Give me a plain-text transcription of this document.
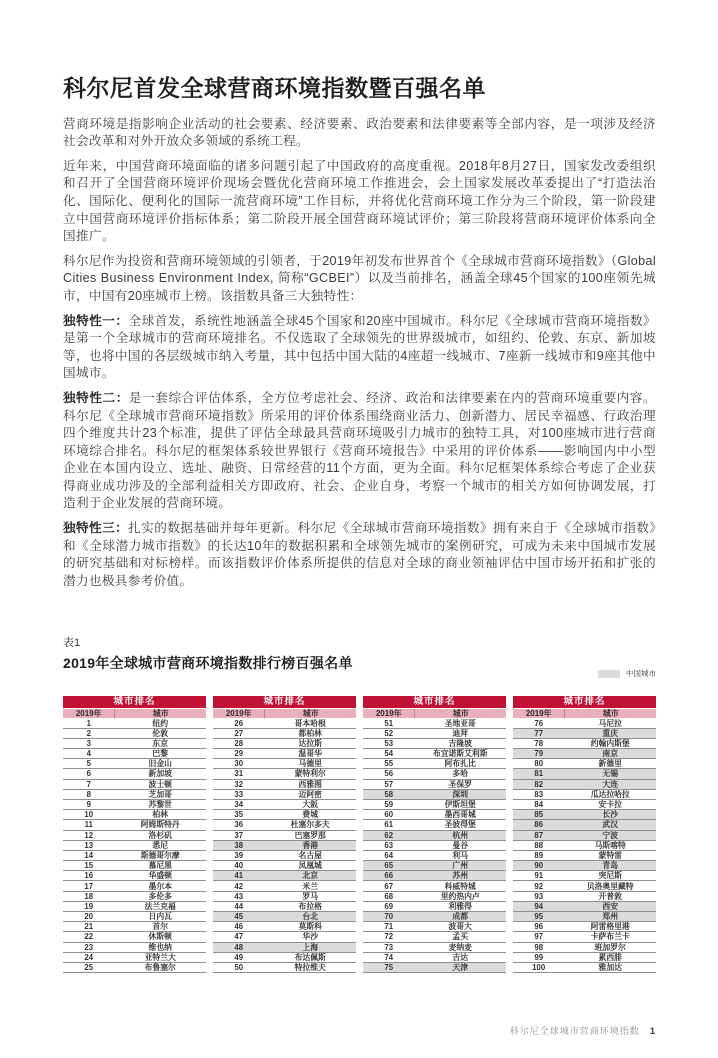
科尔尼首发全球营商环境指数暨百强名单

营商环境是指影响企业活动的社会要素、经济要素、政治要素和法律要素等全部内容，是一项涉及经济社会改革和对外开放众多领域的系统工程。

近年来，中国营商环境面临的诸多问题引起了中国政府的高度重视。2018年8月27日，国家发改委组织和召开了全国营商环境评价现场会暨优化营商环境工作推进会，会上国家发展改革委提出了“打造法治化、国际化、便利化的国际一流营商环境”工作目标，并将优化营商环境工作分为三个阶段，第一阶段建立中国营商环境评价指标体系；第二阶段开展全国营商环境试评价；第三阶段将营商环境评价体系向全国推广。

科尔尼作为投资和营商环境领域的引领者，于2019年初发布世界首个《全球城市营商环境指数》（Global Cities Business Environment Index, 简称“GCBEI”）以及当前排名，涵盖全球45个国家的100座领先城市，中国有20座城市上榜。该指数具备三大独特性：

独特性一：全球首发，系统性地涵盖全球45个国家和20座中国城市。科尔尼《全球城市营商环境指数》是第一个全球城市的营商环境排名。不仅选取了全球领先的世界级城市，如纽约、伦敦、东京、新加坡等，也将中国的各层级城市纳入考量，其中包括中国大陆的4座超一线城市、7座新一线城市和9座其他中国城市。

独特性二：是一套综合评估体系，全方位考虑社会、经济、政治和法律要素在内的营商环境重要内容。科尔尼《全球城市营商环境指数》所采用的评价体系围绕商业活力、创新潜力、居民幸福感、行政治理四个维度共计23个标准，提供了评估全球最具营商环境吸引力城市的独特工具，对100座城市进行营商环境综合排名。科尔尼的框架体系较世界银行《营商环境报告》中采用的评价体系——影响国内中小型企业在本国内设立、选址、融资、日常经营的11个方面，更为全面。科尔尼框架体系综合考虑了企业获得商业成功涉及的全部利益相关方即政府、社会、企业自身，考察一个城市的相关方如何协调发展，打造利于企业发展的营商环境。

独特性三：扎实的数据基础并每年更新。科尔尼《全球城市营商环境指数》拥有来自于《全球城市指数》和《全球潜力城市指数》的长达10年的数据积累和全球领先城市的案例研究，可成为未来中国城市发展的研究基础和对标榜样。而该指数评价体系所提供的信息对全球的商业领袖评估中国市场开拓和扩张的潜力也极具参考价值。

表1
2019年全球城市营商环境指数排行榜百强名单
中国城市
城市排名
2019年	城市
1	纽约
2	伦敦
3	东京
4	巴黎
5	旧金山
6	新加坡
7	波士顿
8	芝加哥
9	苏黎世
10	柏林
11	阿姆斯特丹
12	洛杉矶
13	悉尼
14	斯德哥尔摩
15	慕尼黑
16	华盛顿
17	墨尔本
18	多伦多
19	法兰克福
20	日内瓦
21	首尔
22	休斯顿
23	维也纳
24	亚特兰大
25	布鲁塞尔
城市排名
2019年	城市
26	哥本哈根
27	都柏林
28	达拉斯
29	温哥华
30	马德里
31	蒙特利尔
32	西雅图
33	迈阿密
34	大阪
35	费城
36	杜塞尔多夫
37	巴塞罗那
38	香港
39	名古屋
40	凤凰城
41	北京
42	米兰
43	罗马
44	布拉格
45	台北
46	莫斯科
47	华沙
48	上海
49	布达佩斯
50	特拉维夫
城市排名
2019年	城市
51	圣地亚哥
52	迪拜
53	吉隆坡
54	布宜诺斯艾利斯
55	阿布扎比
56	多哈
57	圣保罗
58	深圳
59	伊斯坦堡
60	墨西哥城
61	圣彼得堡
62	杭州
63	曼谷
64	利马
65	广州
66	苏州
67	科威特城
68	里约热内卢
69	利雅得
70	成都
71	波哥大
72	孟买
73	麦纳麦
74	吉达
75	天津
城市排名
2019年	城市
76	马尼拉
77	重庆
78	约翰内斯堡
79	南京
80	新德里
81	无锡
82	大连
83	瓜达拉哈拉
84	安卡拉
85	长沙
86	武汉
87	宁波
88	马斯喀特
89	蒙特雷
90	青岛
91	突尼斯
92	贝洛奥里藏特
93	开普敦
94	西安
95	郑州
96	阿雷格里港
97	卡萨布兰卡
98	班加罗尔
99	累西腓
100	雅加达
科尔尼全球城市营商环境指数 1
